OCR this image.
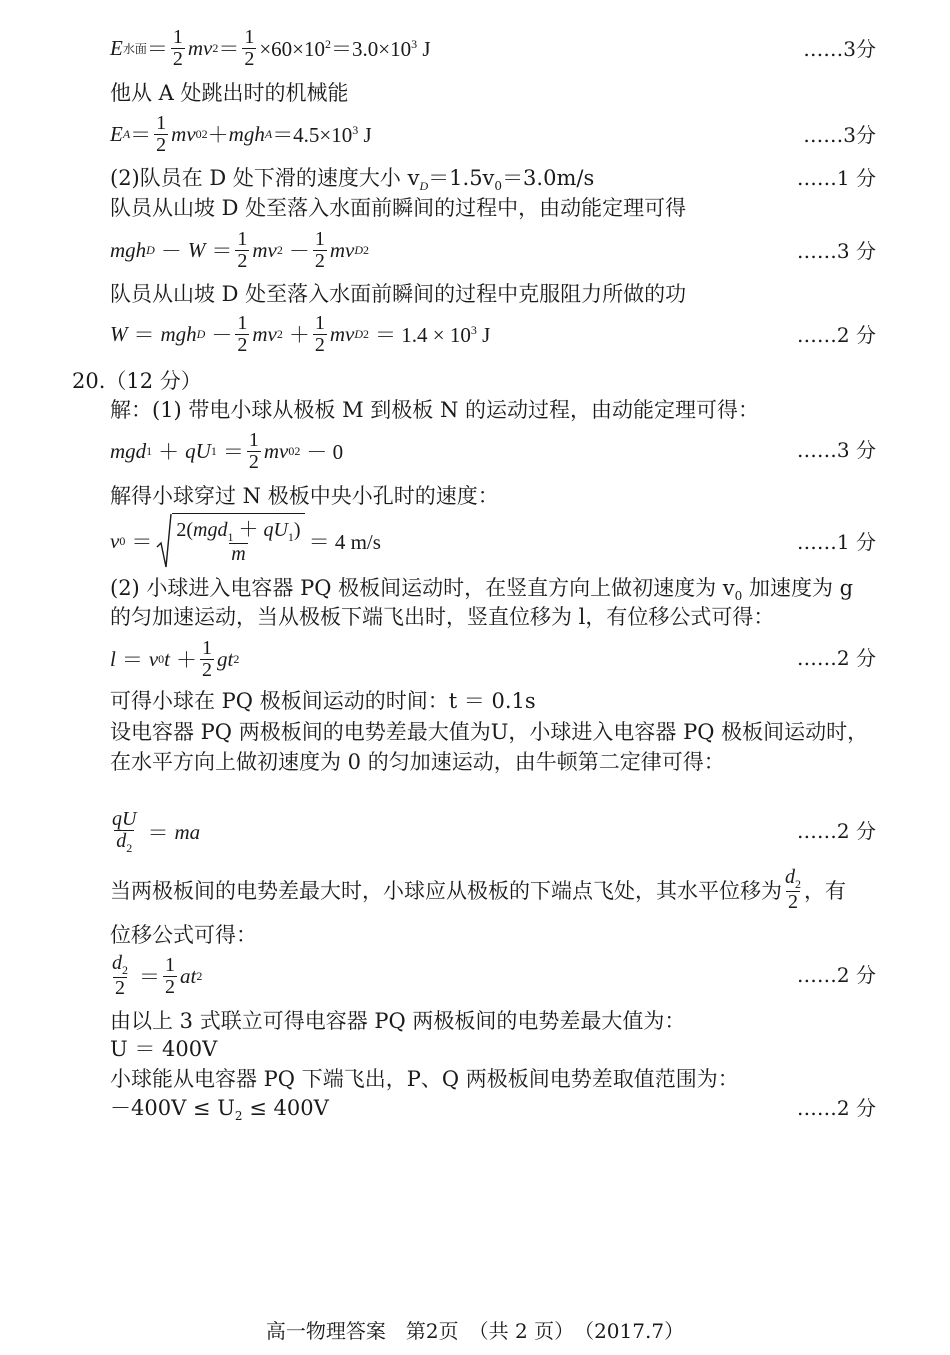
E 水面 ＝ $\frac{1}{2}$ mv $2 = \frac{1}{2} \times 60\times 10^2=3.0\times 10^3$ J	……3分
他从 A 处跳出时的机械能
E $A = \frac{1}{2}$ mv 0 2 ＋ mgh $A =4.5\times 10^3$ J	……3分
(2)队员在 D 处下滑的速度大小 $v_D=1.5v_0=3.0m/s$	……1 分
队员从山坡 D 处至落入水面前瞬间的过程中，由动能定理可得
mgh $D - W = \frac{1}{2}$ mv $2 - \frac{1}{2}$ mv D 2	……3 分
队员从山坡 D 处至落入水面前瞬间的过程中克服阻力所做的功
W ＝ mgh $D - \frac{1}{2}$ mv $2 + \frac{1}{2}$ mv D $2 = 1.4 \times 10^3$ J	……2 分
20.（12 分）
解：(1) 带电小球从极板 M 到极板 N 的运动过程，由动能定理可得：
mgd 1 ＋ qU $1 = \frac{1}{2}$ mv 0 2 － 0	……3 分
解得小球穿过 N 极板中央小孔时的速度：
v $0 = \frac{2(mgd_1 + qU_1)}{m} = 4$ m/s	……1 分
(2) 小球进入电容器 PQ 极板间运动时，在竖直方向上做初速度为 $v_0$ 加速度为 g
的匀加速运动，当从极板下端飞出时，竖直位移为 l，有位移公式可得：
l ＝ v 0 $t + \frac{1}{2}$ gt 2	……2 分
可得小球在 PQ 极板间运动的时间：t ＝ 0.1s
设电容器 PQ 两极板间的电势差最大值为U，小球进入电容器 PQ 极板间运动时，
在水平方向上做初速度为 0 的匀加速运动，由牛顿第二定律可得：
$\frac{qU}{d_2}$ ＝ ma	……2 分
当两极板间的电势差最大时，小球应从极板的下端点飞处，其水平位移为 $\frac{d_2}{2}$ ，有
位移公式可得：
$\frac{d_2}{2} = \frac{1}{2}$ at 2	……2 分
由以上 3 式联立可得电容器 PQ 两极板间的电势差最大值为：
U ＝ 400V
小球能从电容器 PQ 下端飞出，P、Q 两极板间电势差取值范围为：
$-400V \le U_2 \le 400V$	……2 分
高一物理答案　第2页　（共 2 页）　（2017.7）
